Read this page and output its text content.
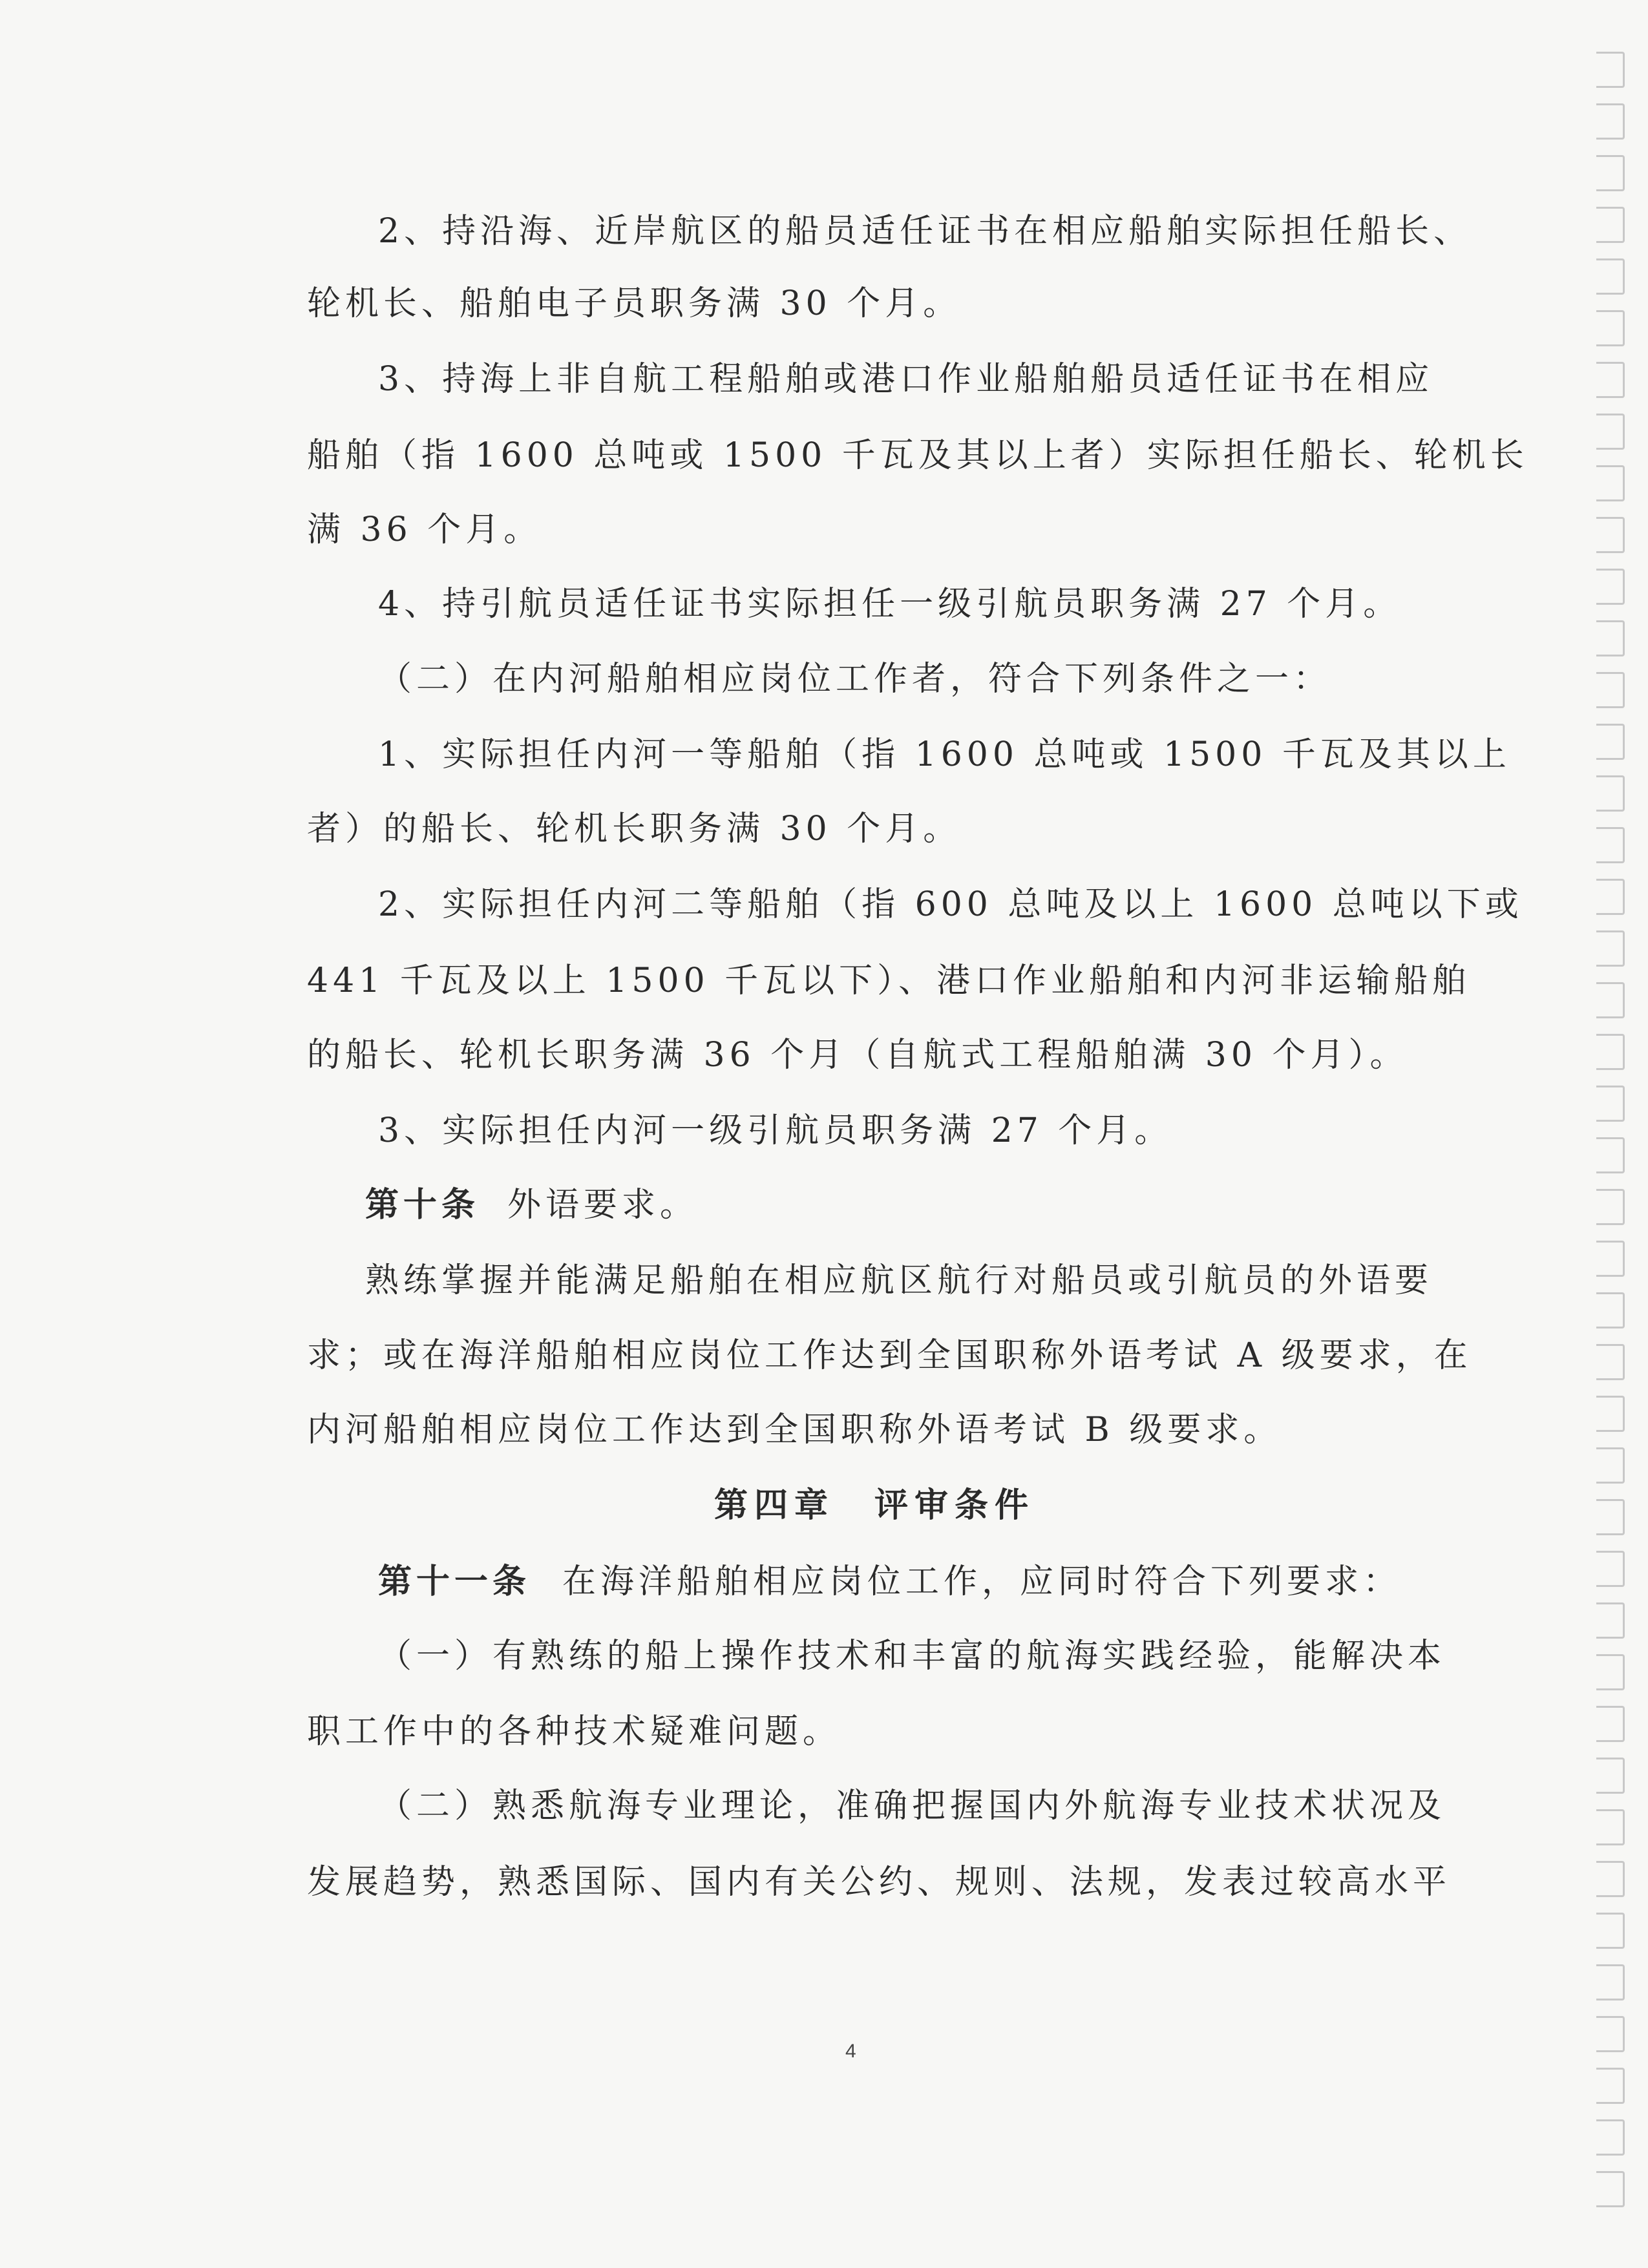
2、持沿海、近岸航区的船员适任证书在相应船舶实际担任船长、
轮机长、船舶电子员职务满 30 个月。
3、持海上非自航工程船舶或港口作业船舶船员适任证书在相应
船舶（指 1600 总吨或 1500 千瓦及其以上者）实际担任船长、轮机长
满 36 个月。
4、持引航员适任证书实际担任一级引航员职务满 27 个月。
（二）在内河船舶相应岗位工作者，符合下列条件之一：
1、实际担任内河一等船舶（指 1600 总吨或 1500 千瓦及其以上
者）的船长、轮机长职务满 30 个月。
2、实际担任内河二等船舶（指 600 总吨及以上 1600 总吨以下或
441 千瓦及以上 1500 千瓦以下）、港口作业船舶和内河非运输船舶
的船长、轮机长职务满 36 个月（自航式工程船舶满 30 个月）。
3、实际担任内河一级引航员职务满 27 个月。
第十条 外语要求。
熟练掌握并能满足船舶在相应航区航行对船员或引航员的外语要
求；或在海洋船舶相应岗位工作达到全国职称外语考试 A 级要求，在
内河船舶相应岗位工作达到全国职称外语考试 B 级要求。
第四章　评审条件
第十一条 在海洋船舶相应岗位工作，应同时符合下列要求：
（一）有熟练的船上操作技术和丰富的航海实践经验，能解决本
职工作中的各种技术疑难问题。
（二）熟悉航海专业理论，准确把握国内外航海专业技术状况及
发展趋势，熟悉国际、国内有关公约、规则、法规，发表过较高水平
4
